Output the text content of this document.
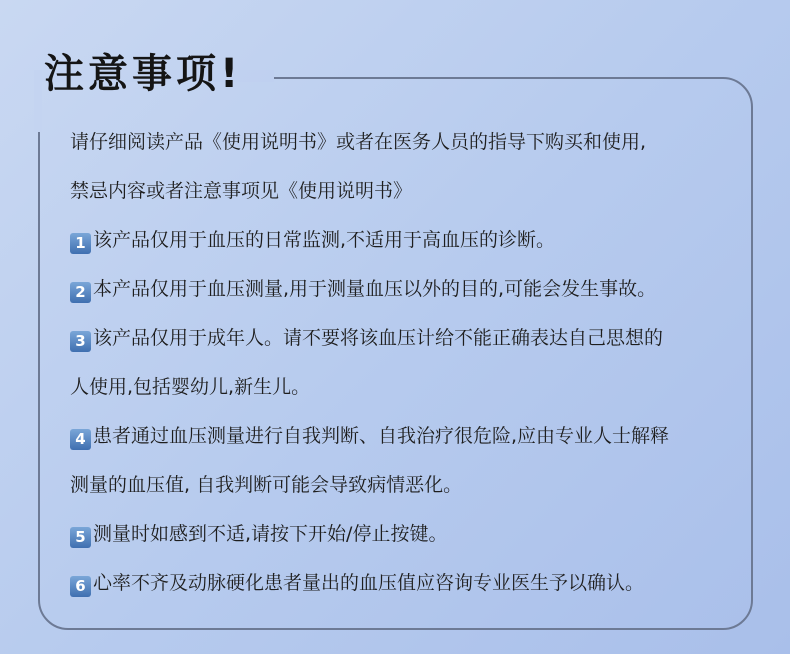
注意事项!
请仔细阅读产品《使用说明书》或者在医务人员的指导下购买和使用,
禁忌内容或者注意事项见《使用说明书》
1 该产品仅用于血压的日常监测,不适用于高血压的诊断。
2 本产品仅用于血压测量,用于测量血压以外的目的,可能会发生事故。
3 该产品仅用于成年人。请不要将该血压计给不能正确表达自己思想的
人使用,包括婴幼儿,新生儿。
4 患者通过血压测量进行自我判断、自我治疗很危险,应由专业人士解释
测量的血压值, 自我判断可能会导致病情恶化。
5 测量时如感到不适,请按下开始/停止按键。
6 心率不齐及动脉硬化患者量出的血压值应咨询专业医生予以确认。
